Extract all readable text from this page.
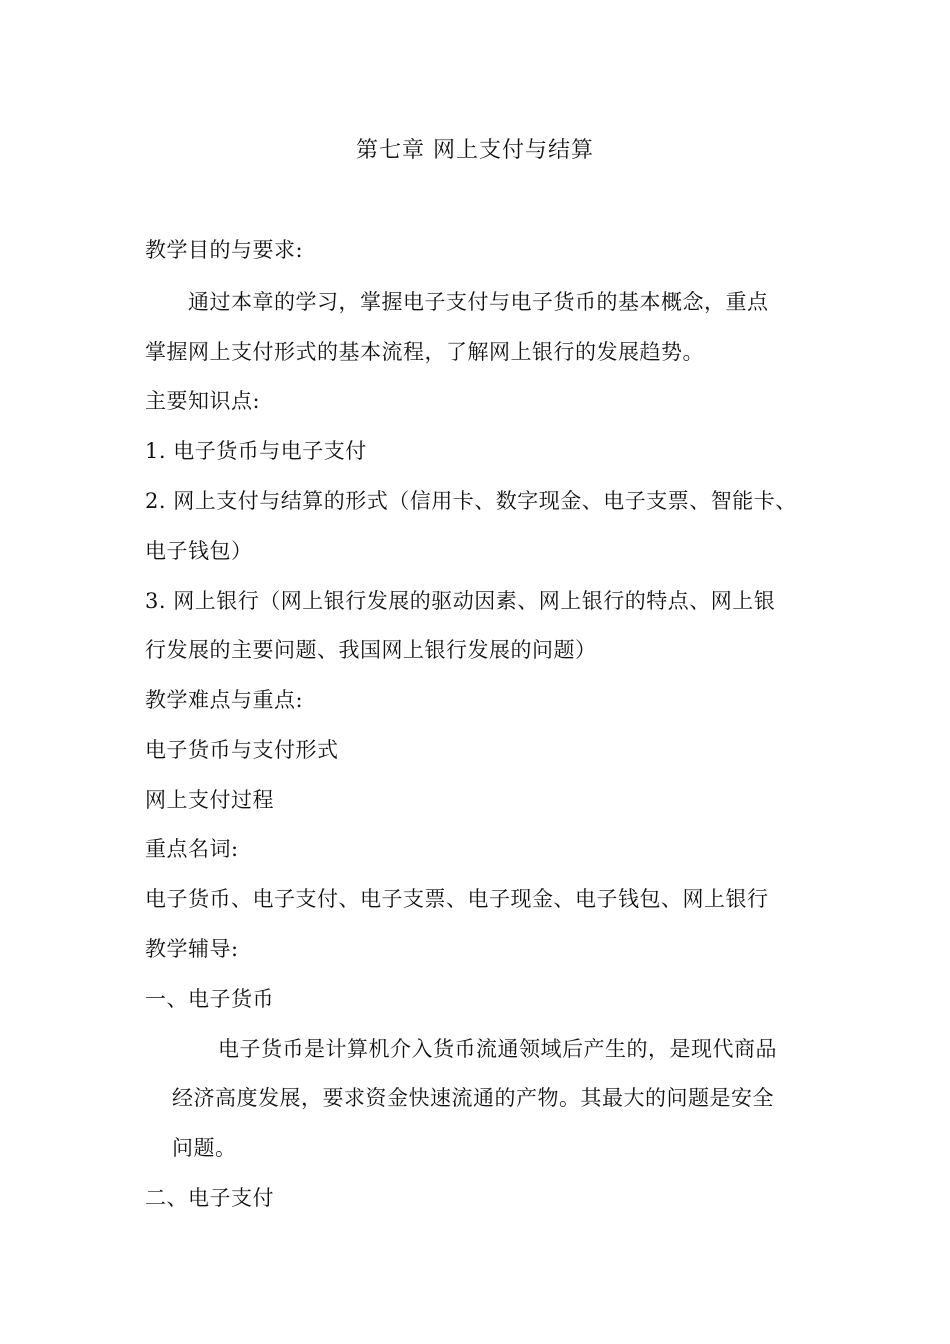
第七章 网上支付与结算
教学目的与要求:
通过本章的学习，掌握电子支付与电子货币的基本概念，重点
掌握网上支付形式的基本流程，了解网上银行的发展趋势。
主要知识点:
1. 电子货币与电子支付
2. 网上支付与结算的形式（信用卡、数字现金、电子支票、智能卡、
电子钱包）
3. 网上银行（网上银行发展的驱动因素、网上银行的特点、网上银
行发展的主要问题、我国网上银行发展的问题）
教学难点与重点:
电子货币与支付形式
网上支付过程
重点名词:
电子货币、电子支付、电子支票、电子现金、电子钱包、网上银行
教学辅导:
一、电子货币
电子货币是计算机介入货币流通领域后产生的，是现代商品
经济高度发展，要求资金快速流通的产物。其最大的问题是安全
问题。
二、电子支付
